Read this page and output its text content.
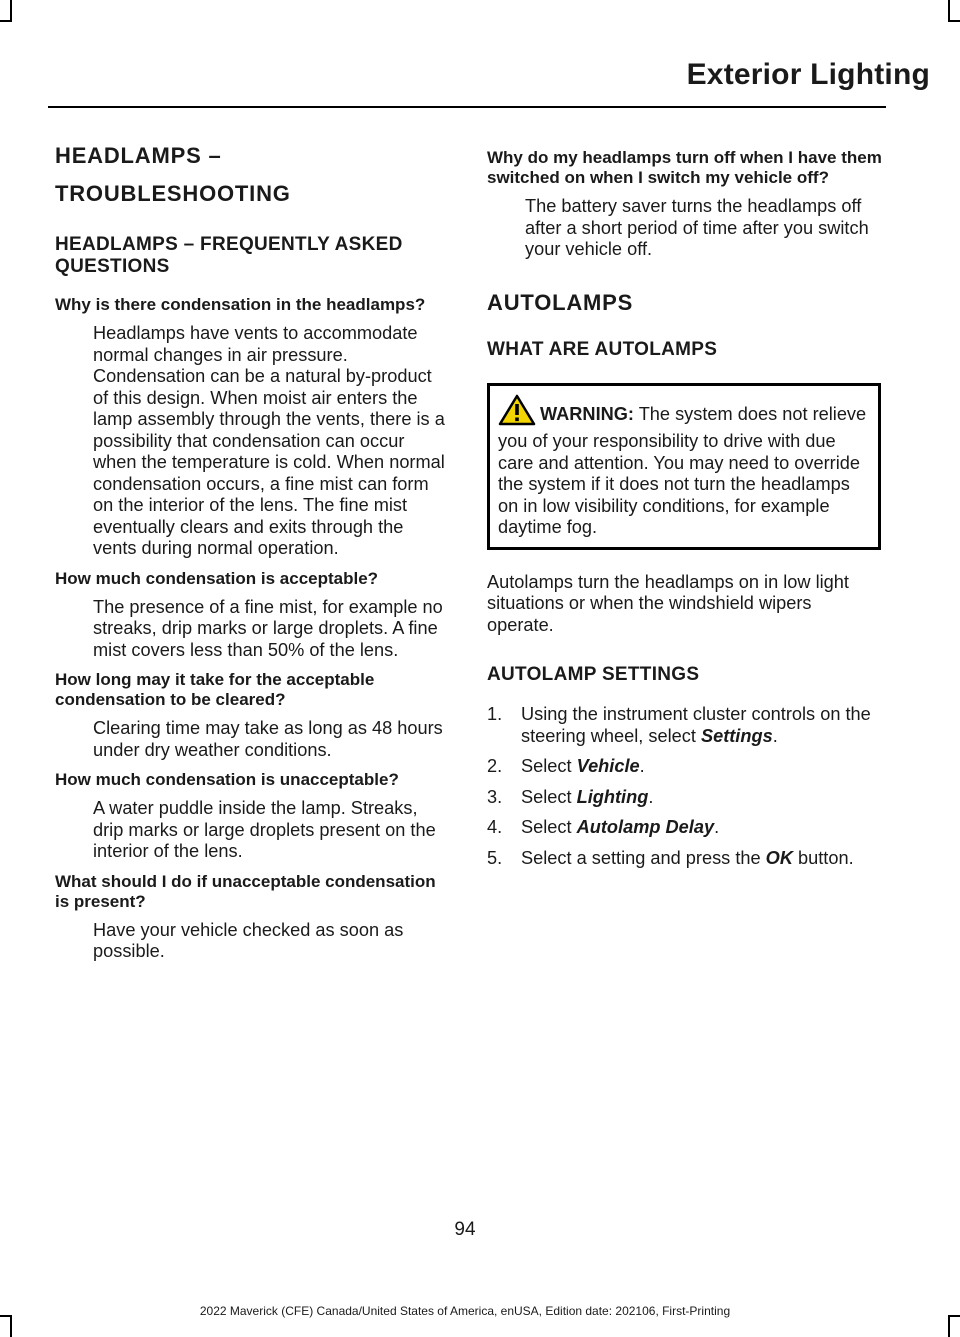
Exterior Lighting
HEADLAMPS –
TROUBLESHOOTING
HEADLAMPS – FREQUENTLY ASKED QUESTIONS
Why is there condensation in the headlamps?
Headlamps have vents to accommodate normal changes in air pressure. Condensation can be a natural by-product of this design. When moist air enters the lamp assembly through the vents, there is a possibility that condensation can occur when the temperature is cold. When normal condensation occurs, a fine mist can form on the interior of the lens. The fine mist eventually clears and exits through the vents during normal operation.
How much condensation is acceptable?
The presence of a fine mist, for example no streaks, drip marks or large droplets. A fine mist covers less than 50% of the lens.
How long may it take for the acceptable condensation to be cleared?
Clearing time may take as long as 48 hours under dry weather conditions.
How much condensation is unacceptable?
A water puddle inside the lamp. Streaks, drip marks or large droplets present on the interior of the lens.
What should I do if unacceptable condensation is present?
Have your vehicle checked as soon as possible.
Why do my headlamps turn off when I have them switched on when I switch my vehicle off?
The battery saver turns the headlamps off after a short period of time after you switch your vehicle off.
AUTOLAMPS
WHAT ARE AUTOLAMPS
WARNING: The system does not relieve you of your responsibility to drive with due care and attention. You may need to override the system if it does not turn the headlamps on in low visibility conditions, for example daytime fog.
Autolamps turn the headlamps on in low light situations or when the windshield wipers operate.
AUTOLAMP SETTINGS
1.	Using the instrument cluster controls on the steering wheel, select Settings.
2.	Select Vehicle.
3.	Select Lighting.
4.	Select Autolamp Delay.
5.	Select a setting and press the OK button.
94
2022 Maverick (CFE) Canada/United States of America, enUSA, Edition date: 202106, First-Printing
